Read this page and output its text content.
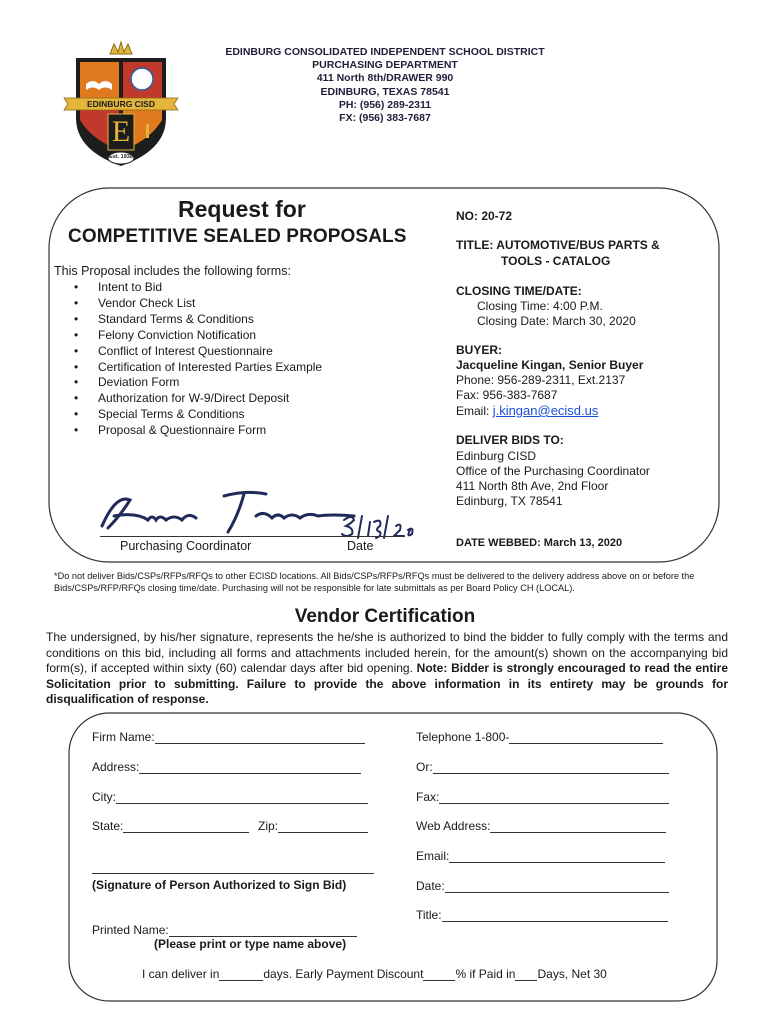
EDINBURG CISD
E
Est. 1938
EDINBURG CONSOLIDATED INDEPENDENT SCHOOL DISTRICT
PURCHASING DEPARTMENT
411 North 8th/DRAWER 990
EDINBURG, TEXAS 78541
PH: (956) 289-2311
FX: (956) 383-7687
Request for
COMPETITIVE SEALED PROPOSALS
This Proposal includes the following forms:
• Intent to Bid
• Vendor Check List
• Standard Terms & Conditions
• Felony Conviction Notification
• Conflict of Interest Questionnaire
• Certification of Interested Parties Example
• Deviation Form
• Authorization for W-9/Direct Deposit
• Special Terms & Conditions
• Proposal & Questionnaire Form
Purchasing Coordinator	Date
NO: 20-72
TITLE: AUTOMOTIVE/BUS PARTS &
TOOLS - CATALOG
CLOSING TIME/DATE:
Closing Time: 4:00 P.M.
Closing Date: March 30, 2020
BUYER:
Jacqueline Kingan, Senior Buyer
Phone: 956-289-2311, Ext.2137
Fax: 956-383-7687
Email: j.kingan@ecisd.us
DELIVER BIDS TO:
Edinburg CISD
Office of the Purchasing Coordinator
411 North 8th Ave, 2nd Floor
Edinburg, TX 78541
DATE WEBBED: March 13, 2020
*Do not deliver Bids/CSPs/RFPs/RFQs to other ECISD locations. All Bids/CSPs/RFPs/RFQs must be delivered to the delivery address above on or before the Bids/CSPs/RFP/RFQs closing time/date. Purchasing will not be responsible for late submittals as per Board Policy CH (LOCAL).
Vendor Certification
The undersigned, by his/her signature, represents the he/she is authorized to bind the bidder to fully comply with the terms and conditions on this bid, including all forms and attachments included herein, for the amount(s) shown on the accompanying bid form(s), if accepted within sixty (60) calendar days after bid opening. Note: Bidder is strongly encouraged to read the entire Solicitation prior to submitting. Failure to provide the above information in its entirety may be grounds for disqualification of response.
Firm Name:
Address:
City:
State:	Zip:
(Signature of Person Authorized to Sign Bid)
Printed Name:
(Please print or type name above)
Telephone 1-800-
Or:
Fax:
Web Address:
Email:
Date:
Title:
I can deliver in	days. Early Payment Discount	% if Paid in Days, Net 30
